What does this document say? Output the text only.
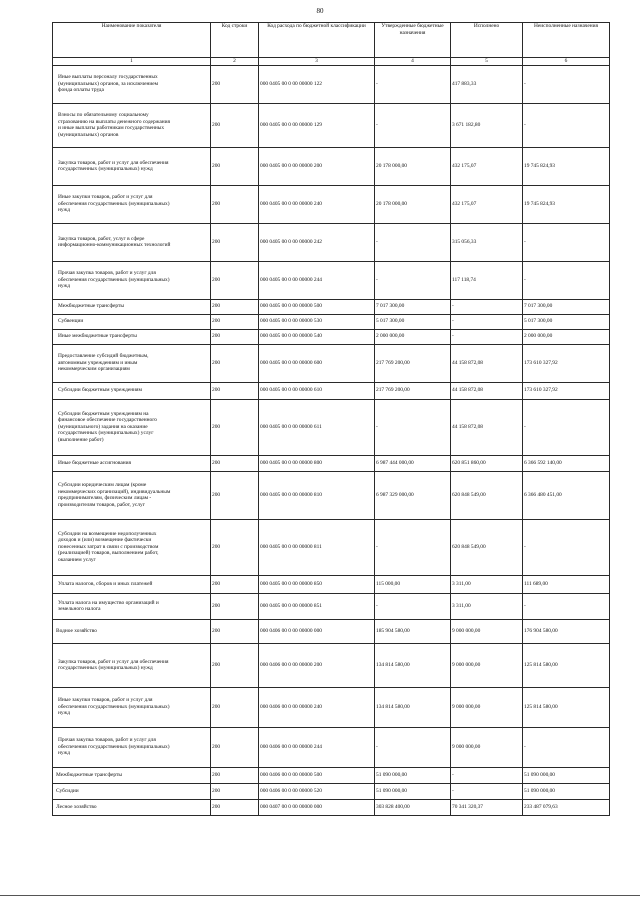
80
Наименование показателя	Код строки	Код расхода по бюджетной классификации	Утвержденные бюджетные назначения	Исполнено	Неисполненные назначения
1	2	3	4	5	6

Иные выплаты персоналу государственных
(муниципальных) органов, за исключением
фонда оплаты труда	200	000 0405 00 0 00 00000 122	-	417 883,33	-

Взносы по обязательному социальному
страхованию на выплаты денежного содержания
и иные выплаты работникам государственных
(муниципальных) органов	200	000 0405 00 0 00 00000 129	-	3 671 182,80	-

Закупка товаров, работ и услуг для обеспечения
государственных (муниципальных) нужд	200	000 0405 00 0 00 00000 200	20 178 000,00	432 175,07	19 745 824,93

Иные закупки товаров, работ и услуг для
обеспечения государственных (муниципальных)
нужд	200	000 0405 00 0 00 00000 240	20 178 000,00	432 175,07	19 745 824,93

Закупка товаров, работ, услуг в сфере
информационно-коммуникационных технологий	200	000 0405 00 0 00 00000 242	-	315 056,33	-

Прочая закупка товаров, работ и услуг для
обеспечения государственных (муниципальных)
нужд	200	000 0405 00 0 00 00000 244	-	117 118,74	-

Межбюджетные трансферты	200	000 0405 00 0 00 00000 500	7 017 300,00	-	7 017 300,00

Субвенции	200	000 0405 00 0 00 00000 530	5 017 300,00	-	5 017 300,00

Иные межбюджетные трансферты	200	000 0405 00 0 00 00000 540	2 000 000,00	-	2 000 000,00

Предоставление субсидий бюджетным,
автономным учреждениям и иным
некоммерческим организациям	200	000 0405 00 0 00 00000 600	217 769 200,00	44 158 872,08	173 610 327,92

Субсидии бюджетным учреждениям	200	000 0405 00 0 00 00000 610	217 769 200,00	44 158 872,08	173 610 327,92

Субсидии бюджетным учреждениям на
финансовое обеспечение государственного
(муниципального) задания на оказание
государственных (муниципальных) услуг
(выполнение работ)	200	000 0405 00 0 00 00000 611	-	44 158 872,08	-

Иные бюджетные ассигнования	200	000 0405 00 0 00 00000 800	6 987 444 000,00	620 851 860,00	6 366 592 140,00

Субсидии юридическим лицам (кроме
некоммерческих организаций), индивидуальным
предпринимателям, физическим лицам -
производителям товаров, работ, услуг	200	000 0405 00 0 00 00000 810	6 987 329 000,00	620 848 549,00	6 366 480 451,00

Субсидии на возмещение недополученных
доходов и (или) возмещение фактически
понесенных затрат в связи с производством
(реализацией) товаров, выполнением работ,
оказанием услуг	200	000 0405 00 0 00 00000 811	-	620 848 549,00	-

Уплата налогов, сборов и иных платежей	200	000 0405 00 0 00 00000 850	115 000,00	3 311,00	111 689,00

Уплата налога на имущество организаций и
земельного налога	200	000 0405 00 0 00 00000 851	-	3 311,00	-

Водное хозяйство	200	000 0406 00 0 00 00000 000	185 904 580,00	9 000 000,00	176 904 580,00

Закупка товаров, работ и услуг для обеспечения
государственных (муниципальных) нужд	200	000 0406 00 0 00 00000 200	134 814 580,00	9 000 000,00	125 814 580,00

Иные закупки товаров, работ и услуг для
обеспечения государственных (муниципальных)
нужд	200	000 0406 00 0 00 00000 240	134 814 580,00	9 000 000,00	125 814 580,00

Прочая закупка товаров, работ и услуг для
обеспечения государственных (муниципальных)
нужд	200	000 0406 00 0 00 00000 244	-	9 000 000,00	-

Межбюджетные трансферты	200	000 0406 00 0 00 00000 500	51 090 000,00	-	51 090 000,00

Субсидии	200	000 0406 00 0 00 00000 520	51 090 000,00	-	51 090 000,00

Лесное хозяйство	200	000 0407 00 0 00 00000 000	303 828 400,00	70 341 320,37	233 487 079,63
